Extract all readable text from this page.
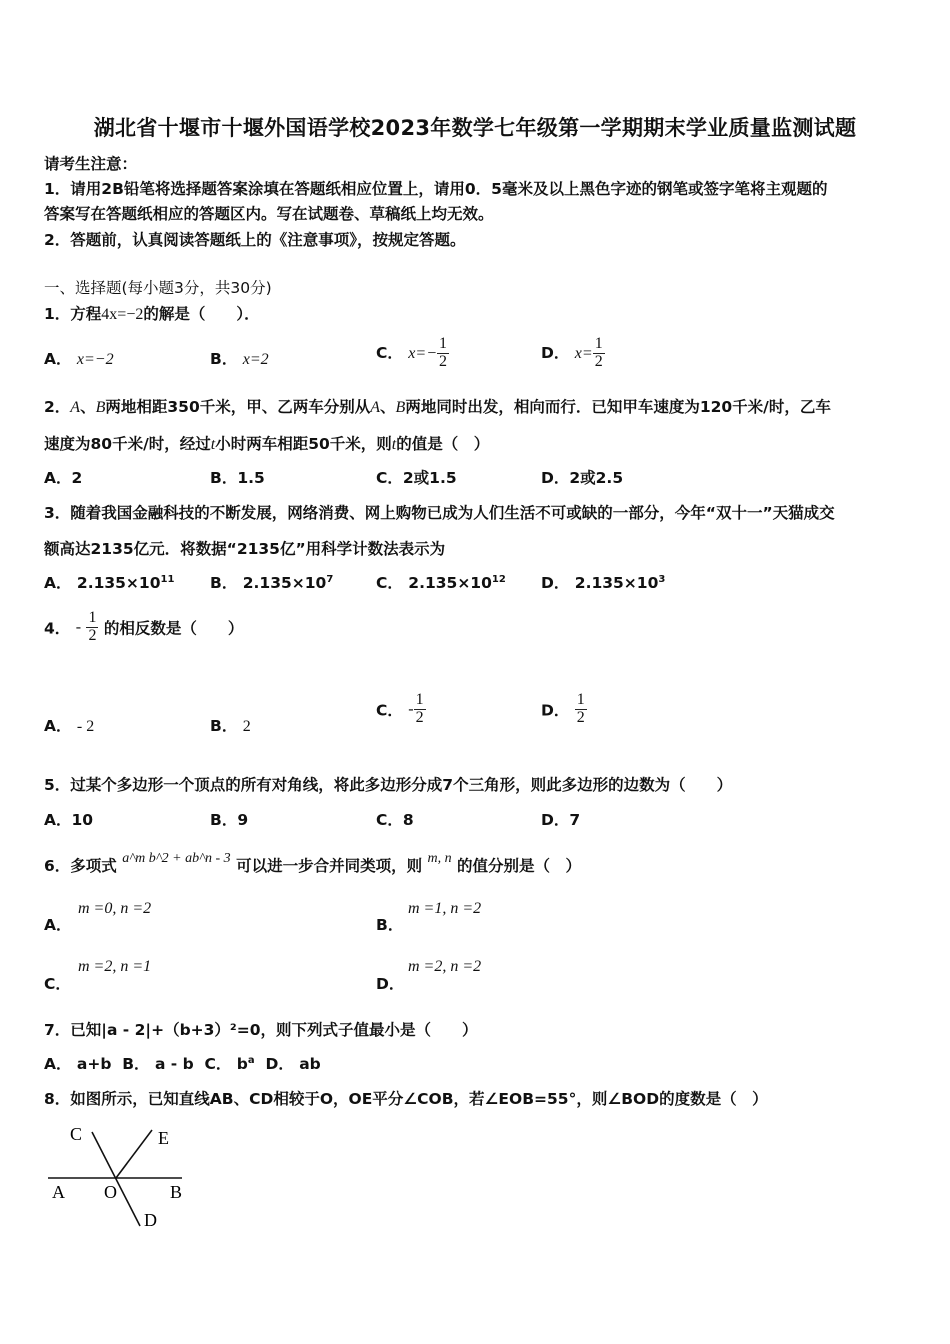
湖北省十堰市十堰外国语学校2023年数学七年级第一学期期末学业质量监测试题
请考生注意：
1．请用2B铅笔将选择题答案涂填在答题纸相应位置上，请用0．5毫米及以上黑色字迹的钢笔或签字笔将主观题的
答案写在答题纸相应的答题区内。写在试题卷、草稿纸上均无效。
2．答题前，认真阅读答题纸上的《注意事项》，按规定答题。
一、选择题(每小题3分，共30分)
1．方程4x=−2的解是（　　）．
A． x=−2	B． x=2	C． $x=- \frac{1}{2}$	D． $x= \frac{1}{2}$
2．A、B两地相距350千米，甲、乙两车分别从A、B两地同时出发，相向而行．已知甲车速度为120千米/时，乙车
速度为80千米/时，经过t小时两车相距50千米，则t的值是（　）
A．2	B．1.5	C．2或1.5	D．2或2.5
3．随着我国金融科技的不断发展，网络消费、网上购物已成为人们生活不可或缺的一部分，今年“双十一”天猫成交
额高达2135亿元．将数据“2135亿”用科学计数法表示为
A． $2.135\times 10^{11}$ B． $2.135\times 10^7$	C． $2.135\times 10^{12}$ D． $2.135\times 10^3$
4． - $\frac{1}{2}$ 的相反数是（　　）
A． - 2	B． 2
C． - $\frac{1}{2}$	D． $\frac{1}{2}$
5．过某个多边形一个顶点的所有对角线，将此多边形分成7个三角形，则此多边形的边数为（　　）
A．10	B．9	C．8	D．7
6．多项式 a^m b^2 + ab^n - 3 可以进一步合并同类项，则 m, n 的值分别是（　）
A．
m =0, n =2
B．
m =1, n =2
C．
m =2, n =1
D．
m =2, n =2
7．已知|a - 2|+（b+3）²=0，则下列式子值最小是（　　）
A． a+b B． a - b C． $b^a$ D． ab
8．如图所示，已知直线AB、CD相较于O，OE平分∠COB，若∠EOB=55°，则∠BOD的度数是（　）
C	E
A O	B
D
